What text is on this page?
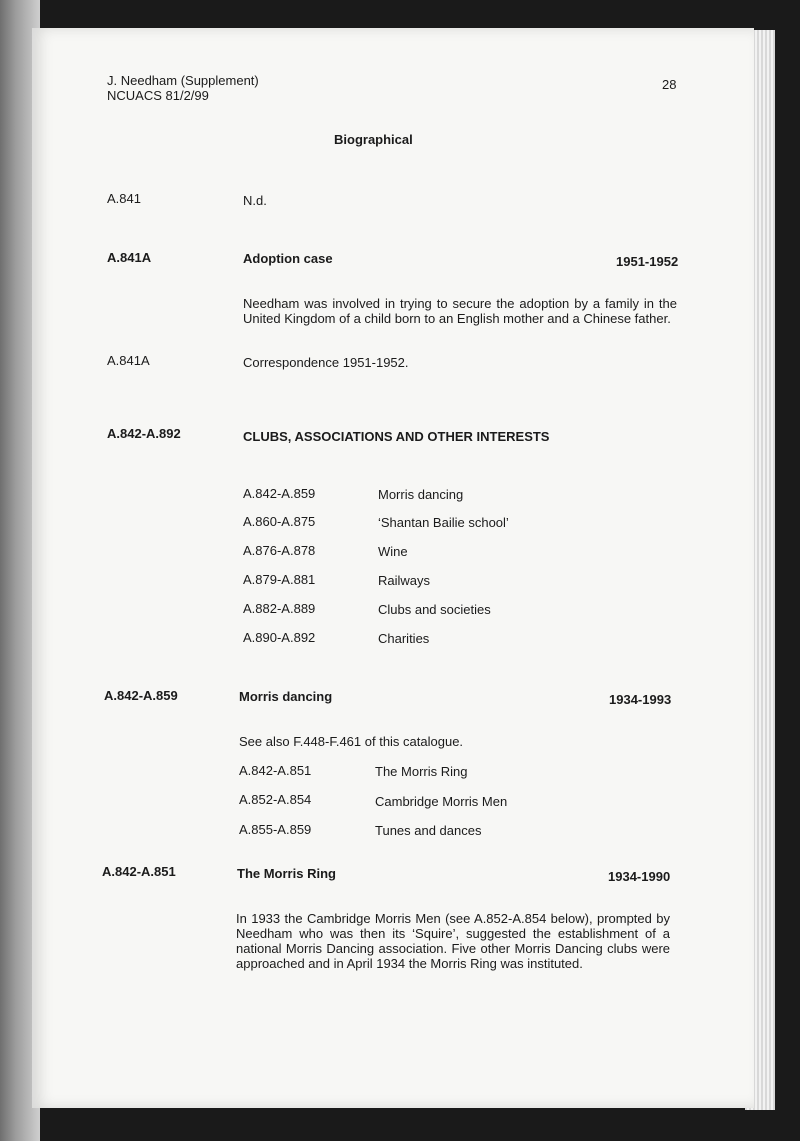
J. Needham (Supplement)
NCUACS 81/2/99
28
Biographical
A.841	N.d.
A.841A	Adoption case	1951-1952
Needham was involved in trying to secure the adoption by a family in the United Kingdom of a child born to an English mother and a Chinese father.
A.841A	Correspondence 1951-1952.
A.842-A.892	CLUBS, ASSOCIATIONS AND OTHER INTERESTS
A.842-A.859	Morris dancing
A.860-A.875	‘Shantan Bailie school’
A.876-A.878	Wine
A.879-A.881	Railways
A.882-A.889	Clubs and societies
A.890-A.892	Charities
A.842-A.859	Morris dancing	1934-1993
See also F.448-F.461 of this catalogue.
A.842-A.851	The Morris Ring
A.852-A.854	Cambridge Morris Men
A.855-A.859	Tunes and dances
A.842-A.851	The Morris Ring	1934-1990
In 1933 the Cambridge Morris Men (see A.852-A.854 below), prompted by Needham who was then its ‘Squire’, suggested the establishment of a national Morris Dancing association. Five other Morris Dancing clubs were approached and in April 1934 the Morris Ring was instituted.
